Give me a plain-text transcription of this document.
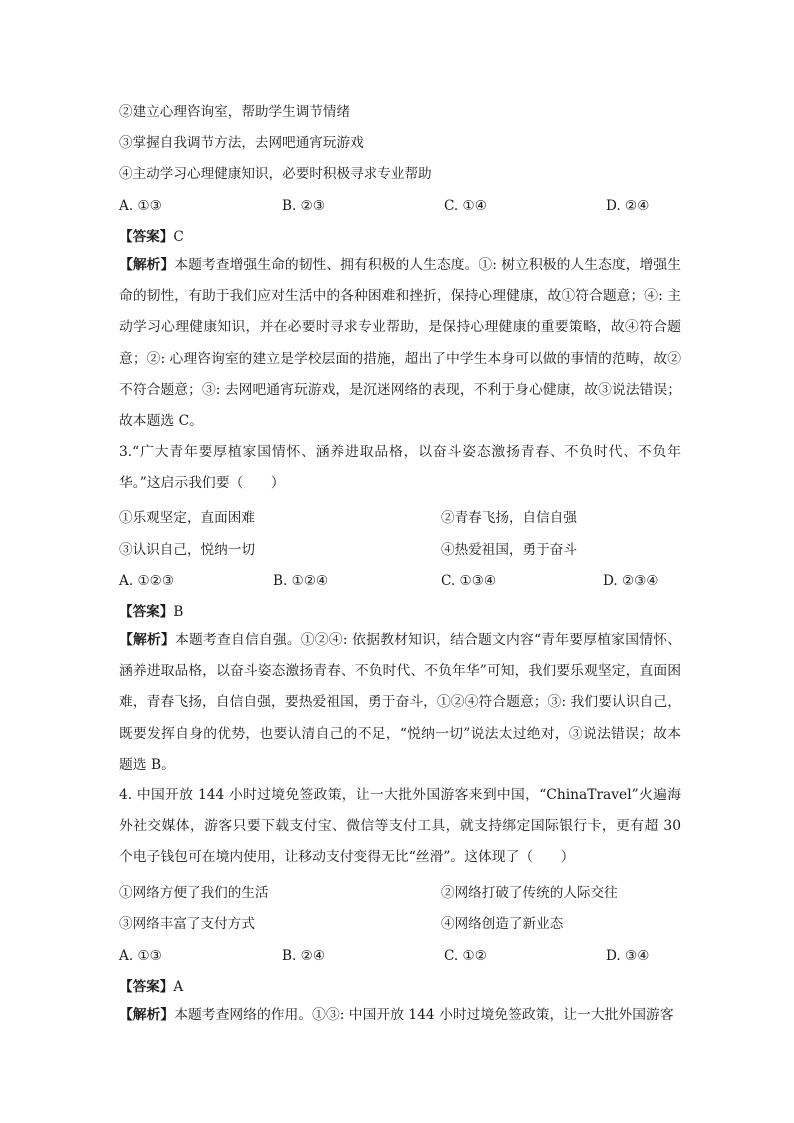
②建立心理咨询室，帮助学生调节情绪
③掌握自我调节方法，去网吧通宵玩游戏
④主动学习心理健康知识，必要时积极寻求专业帮助
A. ①③	B. ②③	C. ①④	D. ②④
【答案】C
【解析】本题考查增强生命的韧性、拥有积极的人生态度。①: 树立积极的人生态度，增强生命的韧性，有助于我们应对生活中的各种困难和挫折，保持心理健康，故①符合题意；④: 主动学习心理健康知识，并在必要时寻求专业帮助，是保持心理健康的重要策略，故④符合题意；②: 心理咨询室的建立是学校层面的措施，超出了中学生本身可以做的事情的范畴，故②不符合题意；③: 去网吧通宵玩游戏，是沉迷网络的表现，不利于身心健康，故③说法错误；故本题选 C。
3.“广大青年要厚植家国情怀、涵养进取品格，以奋斗姿态激扬青春、不负时代、不负年华。”这启示我们要（　　）
①乐观坚定，直面困难	②青春飞扬，自信自强
③认识自己，悦纳一切	④热爱祖国，勇于奋斗
A. ①②③	B. ①②④	C. ①③④	D. ②③④
【答案】B
【解析】本题考查自信自强。①②④: 依据教材知识，结合题文内容“青年要厚植家国情怀、涵养进取品格，以奋斗姿态激扬青春、不负时代、不负年华”可知，我们要乐观坚定，直面困难，青春飞扬，自信自强，要热爱祖国，勇于奋斗，①②④符合题意；③: 我们要认识自己，既要发挥自身的优势，也要认清自己的不足，“悦纳一切”说法太过绝对，③说法错误；故本题选 B。
4. 中国开放 144 小时过境免签政策，让一大批外国游客来到中国，“ChinaTravel”火遍海外社交媒体，游客只要下载支付宝、微信等支付工具，就支持绑定国际银行卡，更有超 30 个电子钱包可在境内使用，让移动支付变得无比“丝滑”。这体现了（　　）
①网络方便了我们的生活	②网络打破了传统的人际交往
③网络丰富了支付方式	④网络创造了新业态
A. ①③	B. ②④	C. ①②	D. ③④
【答案】A
【解析】本题考查网络的作用。①③: 中国开放 144 小时过境免签政策，让一大批外国游客
